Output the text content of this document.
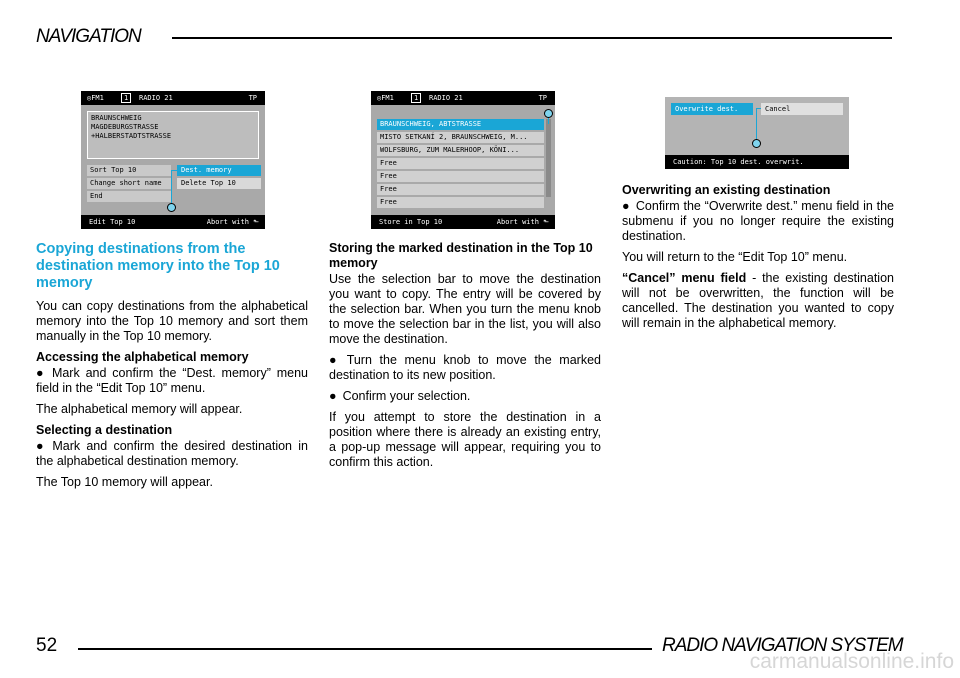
NAVIGATION
52	RADIO NAVIGATION SYSTEM
carmanualsonline.info
◎FM1	1	RADIO 21	TP
BRAUNSCHWEIG
MAGDEBURGSTRASSE
+HALBERSTADTSTRASSE
Sort Top 10
Change short name
End
Dest. memory
Delete Top 10
Edit Top 10	Abort with ⬑
◎FM1	1	RADIO 21	TP
BRAUNSCHWEIG, ABTSTRASSE
MISTO SETKANÍ 2, BRAUNSCHWEIG, M...
WOLFSBURG, ZUM MALERHOOP, KÖNI...
Free
Free
Free
Free
Store in Top 10	Abort with ⬑
Overwrite dest.	Cancel
Caution: Top 10 dest. overwrit.
Copying destinations from the destination memory into the Top 10 memory

You can copy destinations from the alphabetical memory into the Top 10 memory and sort them manually in the Top 10 memory.

Accessing the alphabetical memory

● Mark and confirm the “Dest. memory” menu field in the “Edit Top 10” menu.

The alphabetical memory will appear.

Selecting a destination

● Mark and confirm the desired destination in the alphabetical destination memory.

The Top 10 memory will appear.

Storing the marked destination in the Top 10 memory

Use the selection bar to move the destination you want to copy. The entry will be covered by the selection bar. When you turn the menu knob to move the selection bar in the list, you will also move the destination.

● Turn the menu knob to move the marked destination to its new position.

● Confirm your selection.

If you attempt to store the destination in a position where there is already an existing entry, a pop-up message will appear, requiring you to confirm this action.

Overwriting an existing destination

● Confirm the “Overwrite dest.” menu field in the submenu if you no longer require the existing destination.

You will return to the “Edit Top 10” menu.

“Cancel” menu field - the existing destination will not be overwritten, the function will be cancelled. The destination you wanted to copy will remain in the alphabetical memory.
